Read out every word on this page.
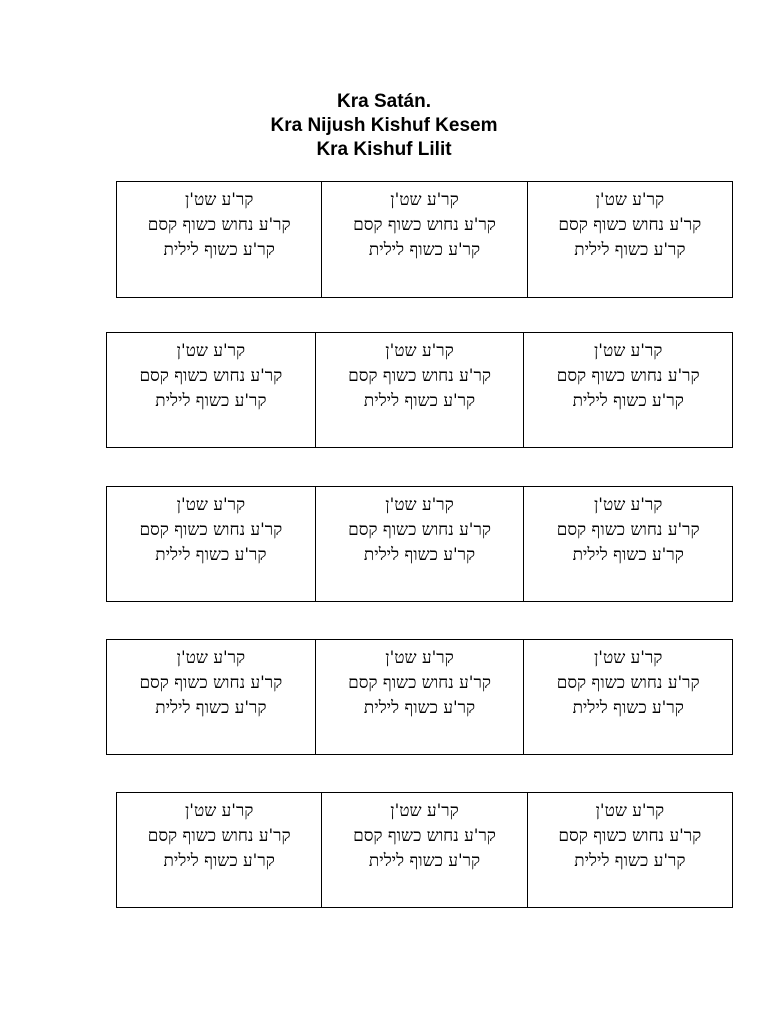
Kra Satán.
Kra Nijush Kishuf Kesem
Kra Kishuf Lilit
קר'ע שט'ן
קר'ע נחוש כשוף קסם
קר'ע כשוף לילית
קר'ע שט'ן
קר'ע נחוש כשוף קסם
קר'ע כשוף לילית
קר'ע שט'ן
קר'ע נחוש כשוף קסם
קר'ע כשוף לילית
קר'ע שט'ן
קר'ע נחוש כשוף קסם
קר'ע כשוף לילית
קר'ע שט'ן
קר'ע נחוש כשוף קסם
קר'ע כשוף לילית
קר'ע שט'ן
קר'ע נחוש כשוף קסם
קר'ע כשוף לילית
קר'ע שט'ן
קר'ע נחוש כשוף קסם
קר'ע כשוף לילית
קר'ע שט'ן
קר'ע נחוש כשוף קסם
קר'ע כשוף לילית
קר'ע שט'ן
קר'ע נחוש כשוף קסם
קר'ע כשוף לילית
קר'ע שט'ן
קר'ע נחוש כשוף קסם
קר'ע כשוף לילית
קר'ע שט'ן
קר'ע נחוש כשוף קסם
קר'ע כשוף לילית
קר'ע שט'ן
קר'ע נחוש כשוף קסם
קר'ע כשוף לילית
קר'ע שט'ן
קר'ע נחוש כשוף קסם
קר'ע כשוף לילית
קר'ע שט'ן
קר'ע נחוש כשוף קסם
קר'ע כשוף לילית
קר'ע שט'ן
קר'ע נחוש כשוף קסם
קר'ע כשוף לילית
